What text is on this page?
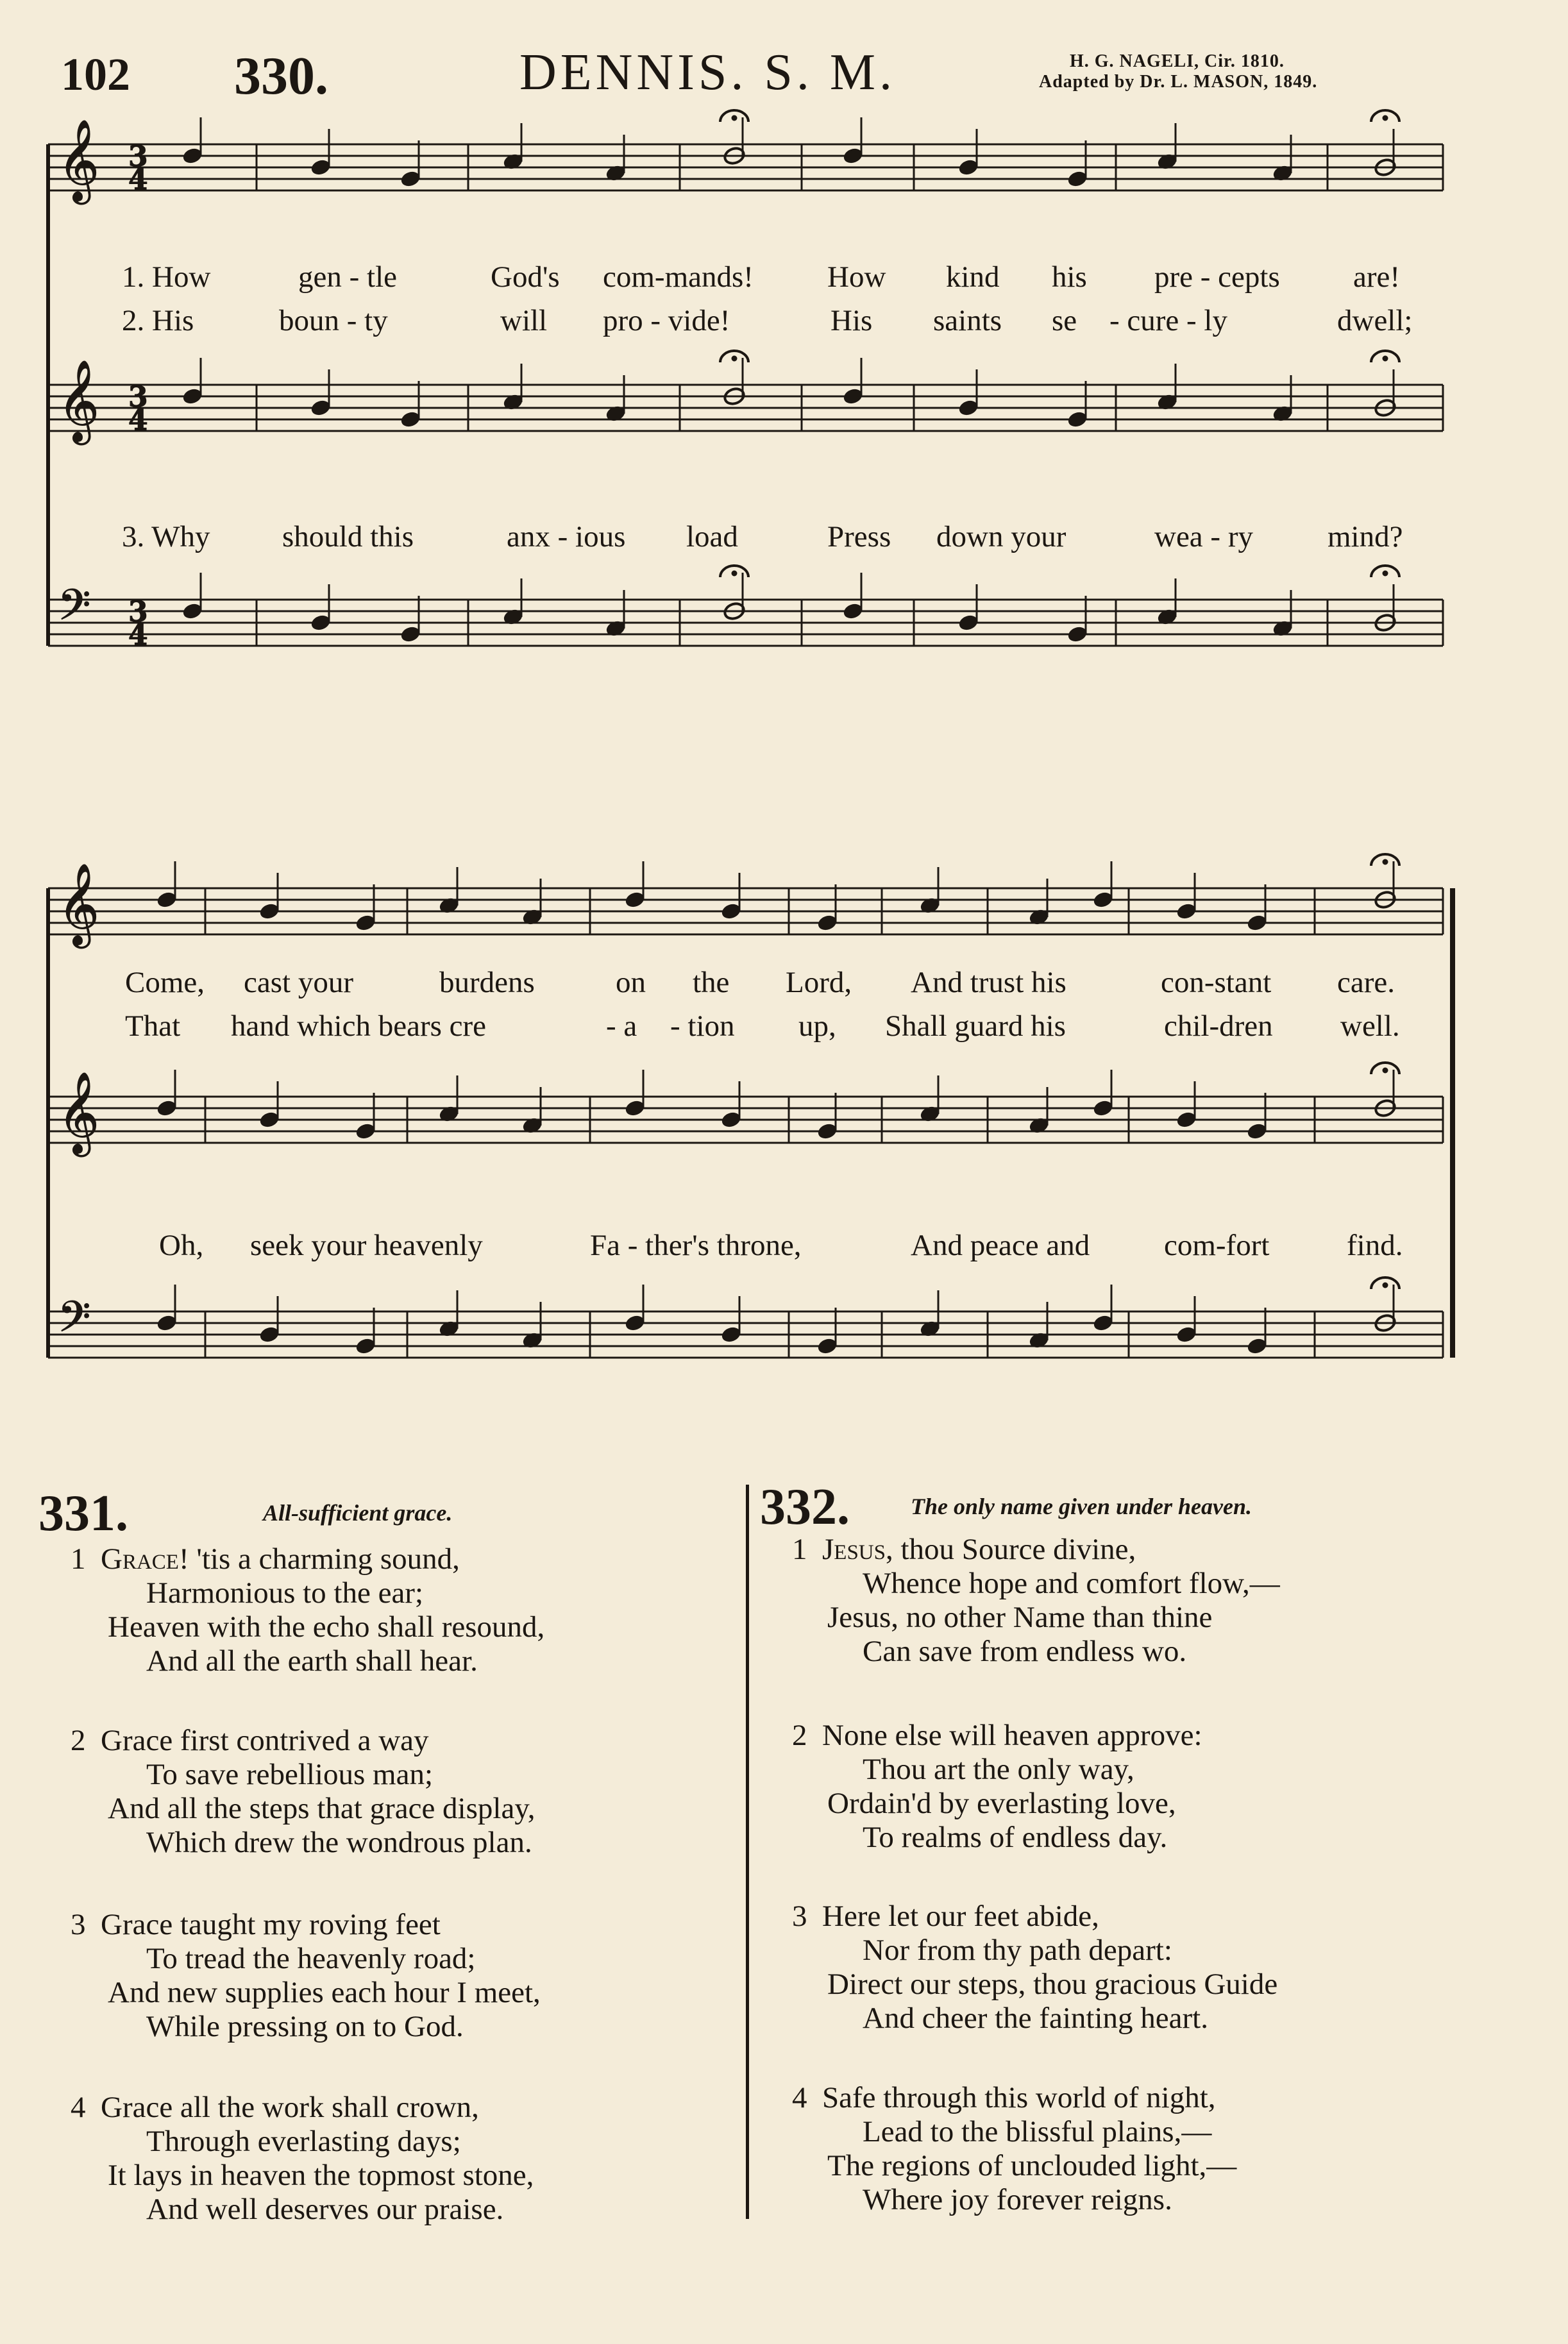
102 330.	DENNIS. S. M.	H. G. NAGELI, Cir. 1810.
Adapted by Dr. L. MASON, 1849.
𝄞 3
4
𝄞 3
4
𝄢 3
4
𝄞
𝄞
𝄢
1. How	gen - tle	God's com-mands! How kind his pre - cepts are!
2. His	boun - ty	will pro - vide!	His saints se - cure - ly	dwell;
3. Why should this	anx - ious load	Press down your	wea - ry mind?
Come, cast your	burdens	on the Lord, And trust his	con-stant care.
That hand which bears cre	- a - tion up, Shall guard his	chil-dren well.
Oh, seek your heavenly	Fa - ther's throne,	And peace and com-fort	find.
331.	All-sufficient grace.
1 Grace! 'tis a charming sound,
Harmonious to the ear;
Heaven with the echo shall resound,
And all the earth shall hear.
2 Grace first contrived a way
To save rebellious man;
And all the steps that grace display,
Which drew the wondrous plan.
3 Grace taught my roving feet
To tread the heavenly road;
And new supplies each hour I meet,
While pressing on to God.
4 Grace all the work shall crown,
Through everlasting days;
It lays in heaven the topmost stone,
And well deserves our praise.
332.	The only name given under heaven.
1 Jesus, thou Source divine,
Whence hope and comfort flow,—
Jesus, no other Name than thine
Can save from endless wo.
2 None else will heaven approve:
Thou art the only way,
Ordain'd by everlasting love,
To realms of endless day.
3 Here let our feet abide,
Nor from thy path depart:
Direct our steps, thou gracious Guide
And cheer the fainting heart.
4 Safe through this world of night,
Lead to the blissful plains,—
The regions of unclouded light,—
Where joy forever reigns.
